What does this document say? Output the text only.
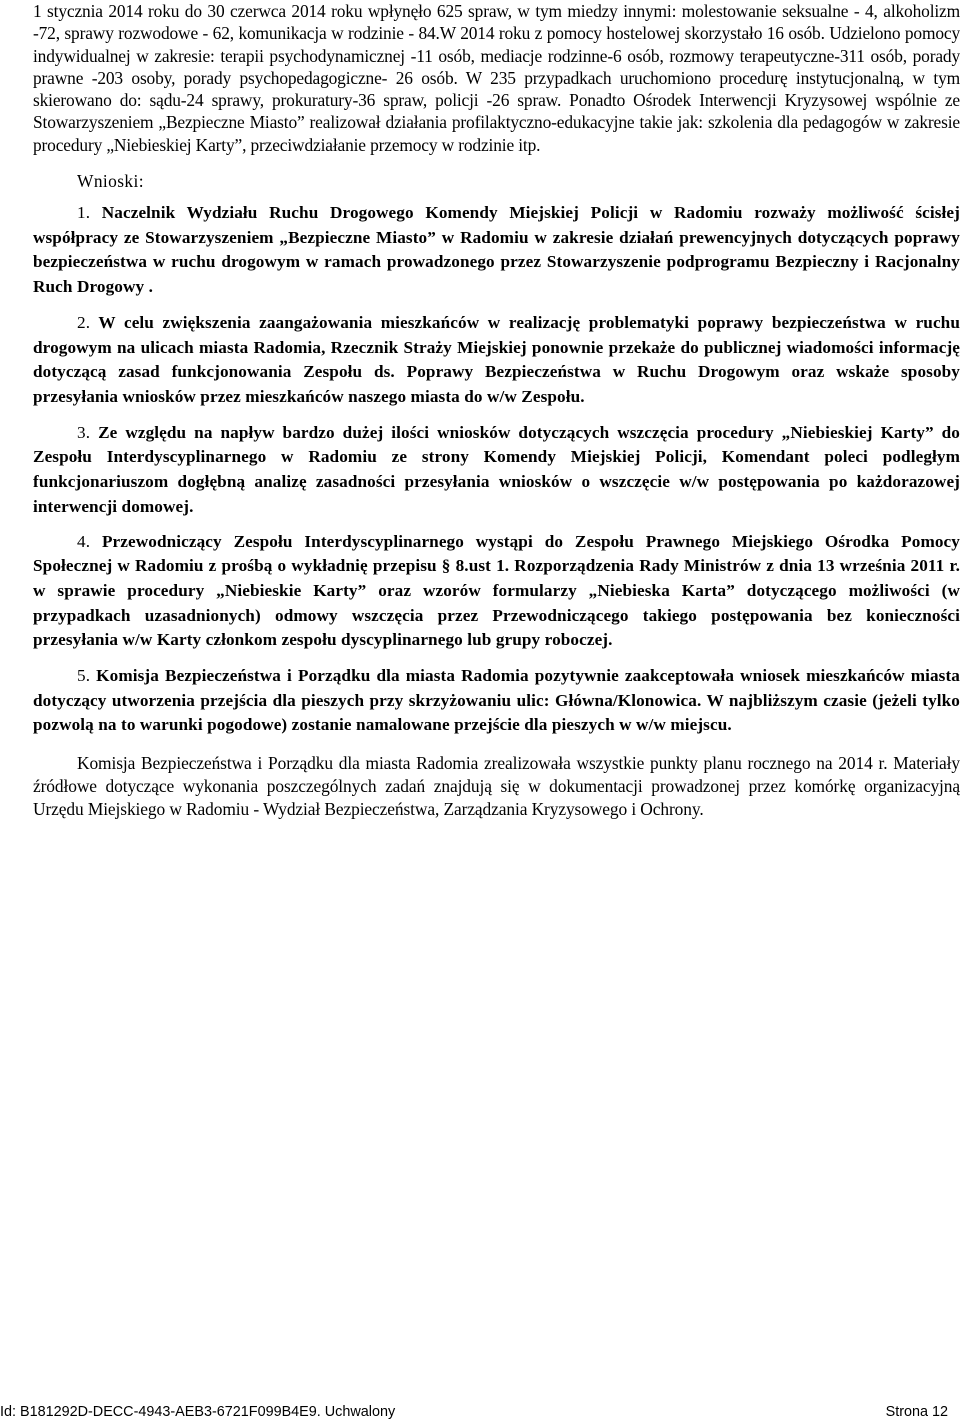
1 stycznia 2014 roku do 30 czerwca 2014 roku wpłynęło 625 spraw, w tym miedzy innymi: molestowanie seksualne - 4, alkoholizm -72, sprawy rozwodowe - 62, komunikacja w rodzinie - 84.W 2014 roku z pomocy hostelowej skorzystało 16 osób. Udzielono pomocy indywidualnej w zakresie: terapii psychodynamicznej -11 osób, mediacje rodzinne-6 osób, rozmowy terapeutyczne-311 osób, porady prawne -203 osoby, porady psychopedagogiczne- 26 osób. W 235 przypadkach uruchomiono procedurę instytucjonalną, w tym skierowano do: sądu-24 sprawy, prokuratury-36 spraw, policji -26 spraw. Ponadto Ośrodek Interwencji Kryzysowej wspólnie ze Stowarzyszeniem „Bezpieczne Miasto” realizował działania profilaktyczno-edukacyjne takie jak: szkolenia dla pedagogów w zakresie procedury „Niebieskiej Karty”, przeciwdziałanie przemocy w rodzinie itp.

Wnioski:

1. Naczelnik Wydziału Ruchu Drogowego Komendy Miejskiej Policji w Radomiu rozważy możliwość ścisłej współpracy ze Stowarzyszeniem „Bezpieczne Miasto” w Radomiu w zakresie działań prewencyjnych dotyczących poprawy bezpieczeństwa w ruchu drogowym w ramach prowadzonego przez Stowarzyszenie podprogramu Bezpieczny i Racjonalny Ruch Drogowy .

2. W celu zwiększenia zaangażowania mieszkańców w realizację problematyki poprawy bezpieczeństwa w ruchu drogowym na ulicach miasta Radomia, Rzecznik Straży Miejskiej ponownie przekaże do publicznej wiadomości informację dotyczącą zasad funkcjonowania Zespołu ds. Poprawy Bezpieczeństwa w Ruchu Drogowym oraz wskaże sposoby przesyłania wniosków przez mieszkańców naszego miasta do w/w Zespołu.

3. Ze względu na napływ bardzo dużej ilości wniosków dotyczących wszczęcia procedury „Niebieskiej Karty” do Zespołu Interdyscyplinarnego w Radomiu ze strony Komendy Miejskiej Policji, Komendant poleci podległym funkcjonariuszom dogłębną analizę zasadności przesyłania wniosków o wszczęcie w/w postępowania po każdorazowej interwencji domowej.

4. Przewodniczący Zespołu Interdyscyplinarnego wystąpi do Zespołu Prawnego Miejskiego Ośrodka Pomocy Społecznej w Radomiu z prośbą o wykładnię przepisu § 8.ust 1. Rozporządzenia Rady Ministrów z dnia 13 września 2011 r. w sprawie procedury „Niebieskie Karty” oraz wzorów formularzy „Niebieska Karta” dotyczącego możliwości (w przypadkach uzasadnionych) odmowy wszczęcia przez Przewodniczącego takiego postępowania bez konieczności przesyłania w/w Karty członkom zespołu dyscyplinarnego lub grupy roboczej.

5. Komisja Bezpieczeństwa i Porządku dla miasta Radomia pozytywnie zaakceptowała wniosek mieszkańców miasta dotyczący utworzenia przejścia dla pieszych przy skrzyżowaniu ulic: Główna/Klonowica. W najbliższym czasie (jeżeli tylko pozwolą na to warunki pogodowe) zostanie namalowane przejście dla pieszych w w/w miejscu.

Komisja Bezpieczeństwa i Porządku dla miasta Radomia zrealizowała wszystkie punkty planu rocznego na 2014 r. Materiały źródłowe dotyczące wykonania poszczególnych zadań znajdują się w dokumentacji prowadzonej przez komórkę organizacyjną Urzędu Miejskiego w Radomiu - Wydział Bezpieczeństwa, Zarządzania Kryzysowego i Ochrony.

Id: B181292D-DECC-4943-AEB3-6721F099B4E9. Uchwalony	Strona 12
